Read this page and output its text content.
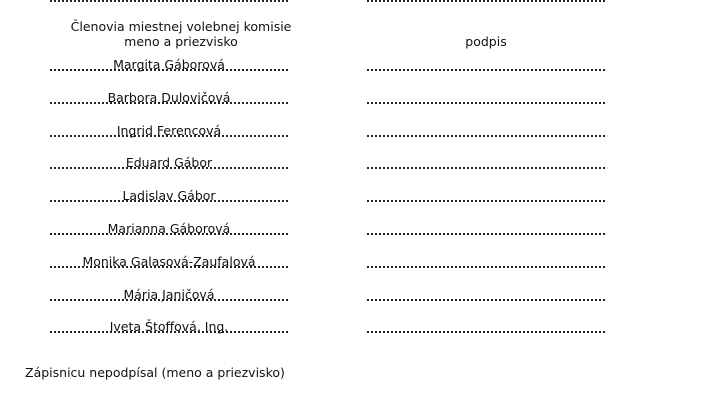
Členovia miestnej volebnej komisie
meno a priezvisko	podpis
Margita Gáborová
Barbora Dulovičová
Ingrid Ferencová
Eduard Gábor
Ladislav Gábor
Marianna Gáborová
Monika Galasová-Zaufalová
Mária Janičová
Iveta Štoffová, Ing.
Zápisnicu nepodpísal (meno a priezvisko)
